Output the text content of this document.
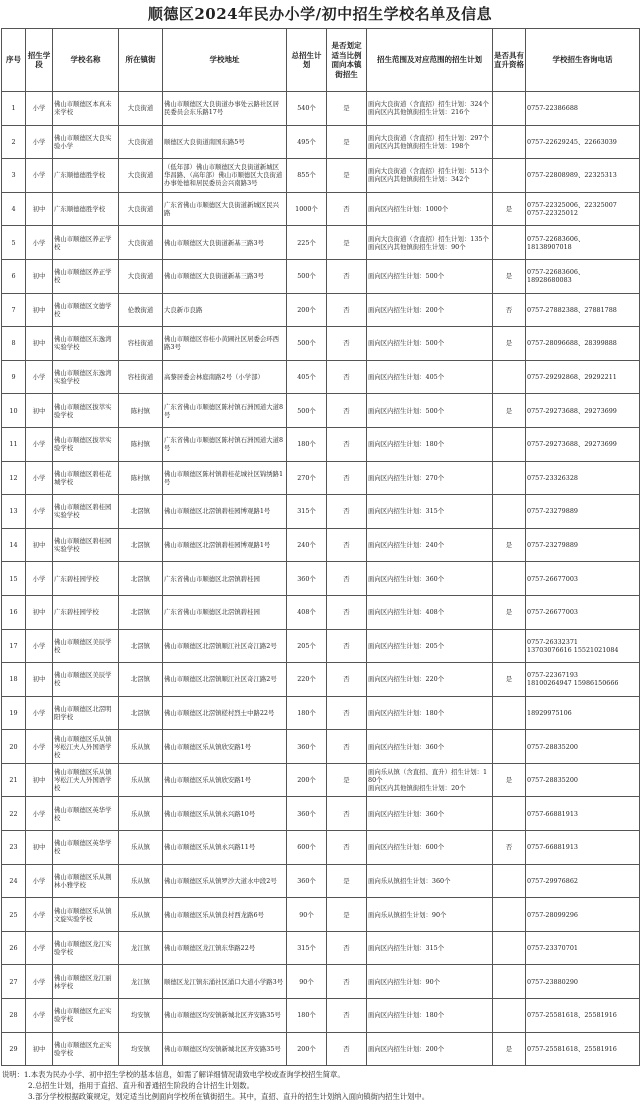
顺德区2024年民办小学/初中招生学校名单及信息
序号	招生学段	学校名称	所在镇街	学校地址	总招生计划	是否划定适当比例面向本镇街招生	招生范围及对应范围的招生计划	是否具有直升资格	学校招生咨询电话
1	小学	佛山市顺德区本真未来学校	大良街道	佛山市顺德区大良街道办事处云路社区居民委员会东乐路17号	540个	是	面向大良街道（含直招）招生计划：324个
面向区内其他镇街招生计划：216个		0757-22386688
2	小学	佛山市顺德区大良实验小学	大良街道	顺德区大良街道南国东路5号	495个	是	面向大良街道（含直招）招生计划：297个
面向区内其他镇街招生计划：198个		0757-22629245、22663039
3	小学	广东顺德德胜学校	大良街道	（低年部）佛山市顺德区大良街道新城区华昌路、（高年部）佛山市顺德区大良街道办事处德和居民委员会兴南路3号	855个	是	面向大良街道（含直招）招生计划：513个
面向区内其他镇街招生计划：342个		0757-22808989、22325313
4	初中	广东顺德德胜学校	大良街道	广东省佛山市顺德区大良街道新城区民兴路	1000个	否	面向区内招生计划：1000个	是	0757-22325006、22325007
0757-22325012
5	小学	佛山市顺德区养正学校	大良街道	佛山市顺德区大良街道新基三路3号	225个	是	面向大良街道（含直招）招生计划：135个
面向区内其他镇街招生计划：90个		0757-22683606、
18138907018
6	初中	佛山市顺德区养正学校	大良街道	佛山市顺德区大良街道新基三路3号	500个	否	面向区内招生计划：500个	是	0757-22683606、
18928680083
7	初中	佛山市顺德区文德学校	伦教街道	大良新市良路	200个	否	面向区内招生计划：200个	否	0757-27882388、27881788
8	初中	佛山市顺德区东逸湾实验学校	容桂街道	佛山市顺德区容桂小黄圃社区居委会环西路3号	500个	否	面向区内招生计划：500个	是	0757-28096688、28399888
9	小学	佛山市顺德区东逸湾实验学校	容桂街道	高黎居委会林庭南路2号（小学部）	405个	否	面向区内招生计划：405个		0757-29292868、29292211
10	初中	佛山市顺德区拔萃实验学校	陈村镇	广东省佛山市顺德区陈村镇石洲国道大道8号	500个	否	面向区内招生计划：500个	是	0757-29273688、29273699
11	小学	佛山市顺德区拔萃实验学校	陈村镇	广东省佛山市顺德区陈村镇石洲国道大道8号	180个	否	面向区内招生计划：180个		0757-29273688、29273699
12	小学	佛山市顺德区碧桂花城学校	陈村镇	佛山市顺德区陈村镇碧桂花城社区锦绣路1号	270个	否	面向区内招生计划：270个		0757-23326328
13	小学	佛山市顺德区碧桂园实验学校	北滘镇	佛山市顺德区北滘镇碧桂园博观路1号	315个	否	面向区内招生计划：315个		0757-23279889
14	初中	佛山市顺德区碧桂园实验学校	北滘镇	佛山市顺德区北滘镇碧桂园博观路1号	240个	否	面向区内招生计划：240个	是	0757-23279889
15	小学	广东碧桂园学校	北滘镇	广东省佛山市顺德区北滘镇碧桂园	360个	否	面向区内招生计划：360个		0757-26677003
16	初中	广东碧桂园学校	北滘镇	广东省佛山市顺德区北滘镇碧桂园	408个	否	面向区内招生计划：408个	是	0757-26677003
17	小学	佛山市顺德区美辰学校	北滘镇	佛山市顺德区北滘镇顺江社区奇江路2号	205个	否	面向区内招生计划：205个		0757-26332371
13703076616 15521021084
18	初中	佛山市顺德区美辰学校	北滘镇	佛山市顺德区北滘镇顺江社区奇江路2号	220个	否	面向区内招生计划：220个	是	0757-22367193
18100264947 15986150666
19	小学	佛山市顺德区北滘明阳学校	北滘镇	佛山市顺德区北滘镇槎村烈士中路22号	180个	否	面向区内招生计划：180个		18929975106
20	小学	佛山市顺德区乐从镇岑松江夫人外国语学校	乐从镇	佛山市顺德区乐从镇欣安路1号	360个	否	面向区内招生计划：360个		0757-28835200
21	初中	佛山市顺德区乐从镇岑松江夫人外国语学校	乐从镇	佛山市顺德区乐从镇欣安路1号	200个	是	面向乐从镇（含直招、直升）招生计划：180个
面向区内其他镇街招生计划：20个	是	0757-28835200
22	小学	佛山市顺德区英华学校	乐从镇	佛山市顺德区乐从镇永兴路10号	360个	否	面向区内招生计划：360个		0757-66881913
23	初中	佛山市顺德区英华学校	乐从镇	佛山市顺德区乐从镇永兴路11号	600个	否	面向区内招生计划：600个	否	0757-66881913
24	小学	佛山市顺德区乐从荆林小雅学校	乐从镇	佛山市顺德区乐从镇罗沙大道水中段2号	360个	是	面向乐从镇招生计划：360个		0757-29976862
25	小学	佛山市顺德区乐从镇文旋实验学校	乐从镇	佛山市顺德区乐从镇良村西龙路6号	90个	是	面向乐从镇招生计划：90个		0757-28099296
26	小学	佛山市顺德区龙江实验学校	龙江镇	佛山市顺德区龙江镇东华路22号	315个	否	面向区内招生计划：315个		0757-23370701
27	小学	佛山市顺德区龙江丽林学校	龙江镇	顺德区龙江镇东涌社区涌口大道小学路3号	90个	否	面向区内招生计划：90个		0757-23880290
28	小学	佛山市顺德区允正实验学校	均安镇	佛山市顺德区均安镇新城北区齐安路35号	180个	否	面向区内招生计划：180个		0757-25581618、25581916
29	初中	佛山市顺德区允正实验学校	均安镇	佛山市顺德区均安镇新城北区齐安路35号	200个	否	面向区内招生计划：200个	是	0757-25581618、25581916
说明：1.本表为民办小学、初中招生学校的基本信息，如需了解详细情况请致电学校或查询学校招生简章。
2.总招生计划，指用于直招、直升和普通招生阶段的合计招生计划数。
3.部分学校根据政策规定，划定适当比例面向学校所在镇街招生。其中，直招、直升的招生计划纳入面向镇街内招生计划中。
